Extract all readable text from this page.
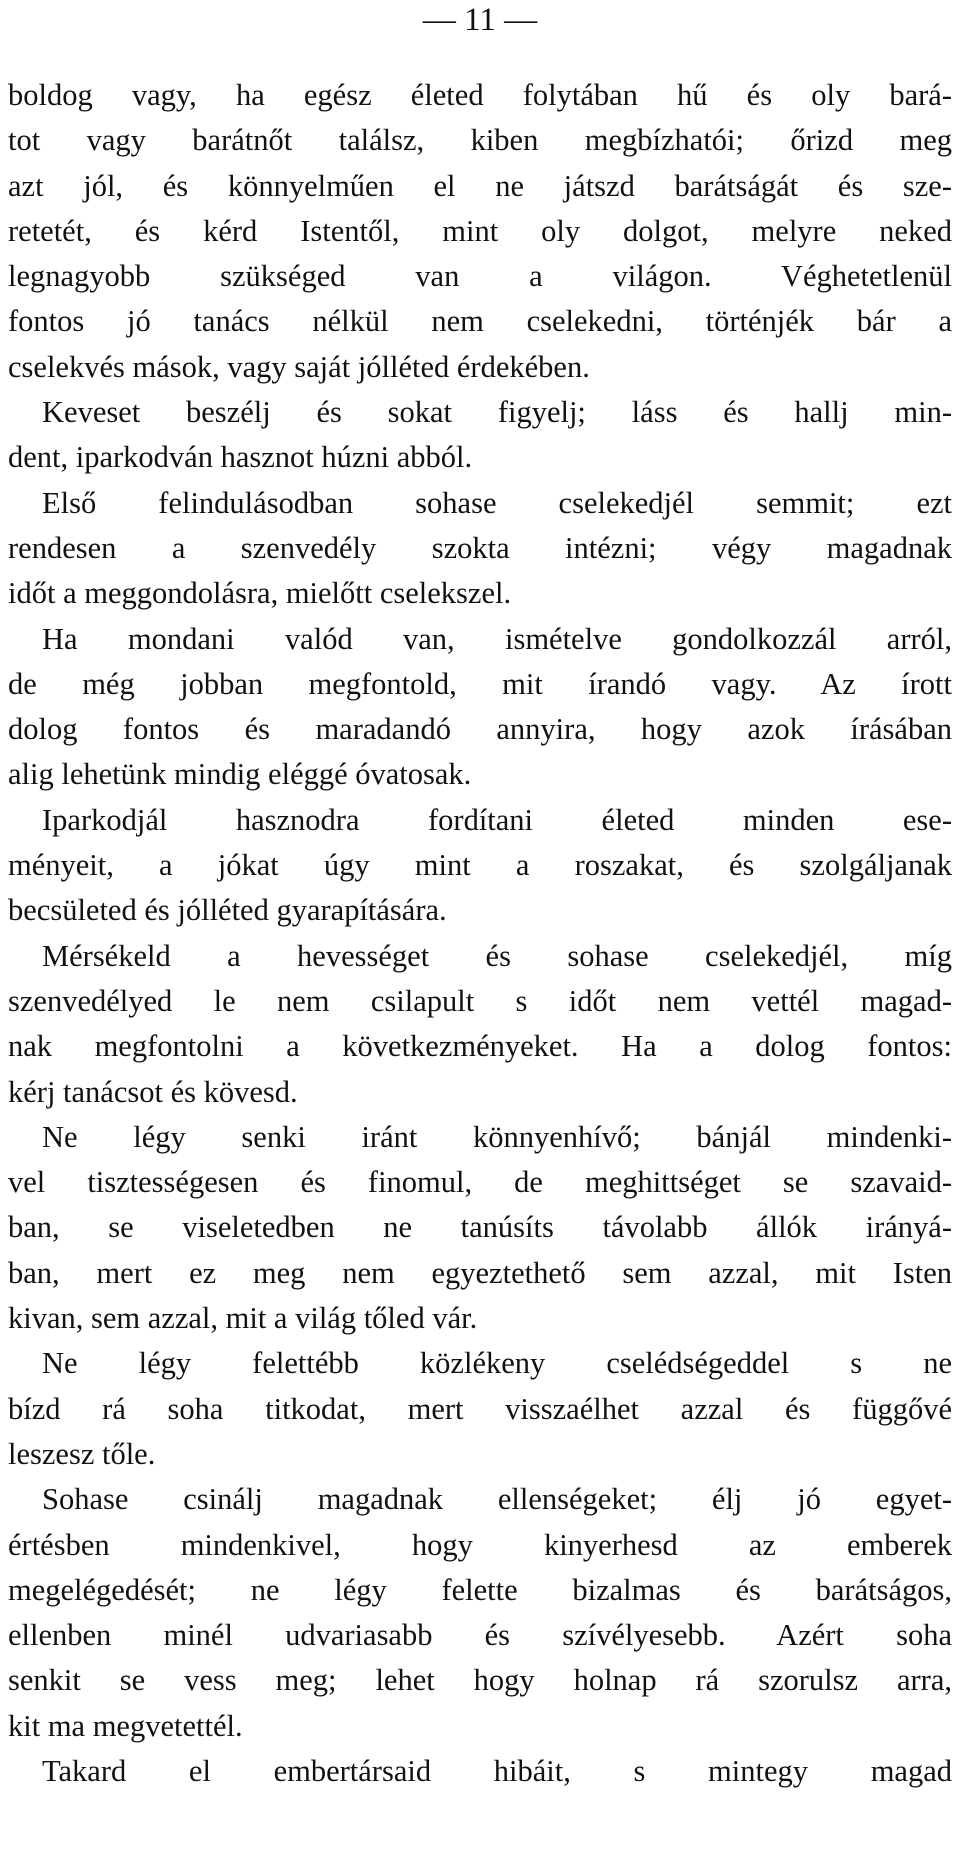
— 11 —
boldog vagy, ha egész életed folytában hű és oly bará-
tot vagy barátnőt találsz, kiben megbízhatói; őrizd meg
azt jól, és könnyelműen el ne játszd barátságát és sze-
retetét, és kérd Istentől, mint oly dolgot, melyre neked
legnagyobb szükséged van a világon. Véghetetlenül
fontos jó tanács nélkül nem cselekedni, történjék bár a
cselekvés mások, vagy saját jólléted érdekében.
Keveset beszélj és sokat figyelj; láss és hallj min-
dent, iparkodván hasznot húzni abból.
Első felindulásodban sohase cselekedjél semmit; ezt
rendesen a szenvedély szokta intézni; végy magadnak
időt a meggondolásra, mielőtt cselekszel.
Ha mondani valód van, ismételve gondolkozzál arról,
de még jobban megfontold, mit írandó vagy. Az írott
dolog fontos és maradandó annyira, hogy azok írásában
alig lehetünk mindig eléggé óvatosak.
Iparkodjál hasznodra fordítani életed minden ese-
ményeit, a jókat úgy mint a roszakat, és szolgáljanak
becsületed és jólléted gyarapítására.
Mérsékeld a hevességet és sohase cselekedjél, míg
szenvedélyed le nem csilapult s időt nem vettél magad-
nak megfontolni a következményeket. Ha a dolog fontos:
kérj tanácsot és kövesd.
Ne légy senki iránt könnyenhívő; bánjál mindenki-
vel tisztességesen és finomul, de meghittséget se szavaid-
ban, se viseletedben ne tanúsíts távolabb állók irányá-
ban, mert ez meg nem egyeztethető sem azzal, mit Isten
kivan, sem azzal, mit a világ tőled vár.
Ne légy felettébb közlékeny cselédségeddel s ne
bízd rá soha titkodat, mert visszaélhet azzal és függővé
leszesz tőle.
Sohase csinálj magadnak ellenségeket; élj jó egyet-
értésben mindenkivel, hogy kinyerhesd az emberek
megelégedését; ne légy felette bizalmas és barátságos,
ellenben minél udvariasabb és szívélyesebb. Azért soha
senkit se vess meg; lehet hogy holnap rá szorulsz arra,
kit ma megvetettél.
Takard el embertársaid hibáit, s mintegy magad
